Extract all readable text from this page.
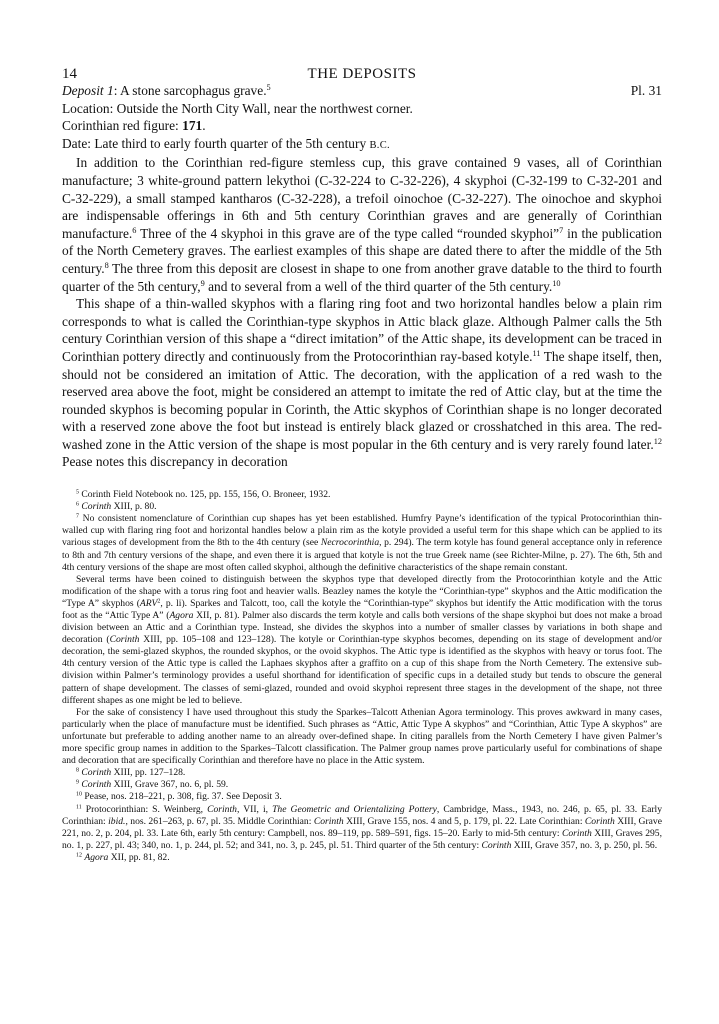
14	THE DEPOSITS
Deposit 1: A stone sarcophagus grave.$^5$	Pl. 31
Location: Outside the North City Wall, near the northwest corner.
Corinthian red figure: 171.
Date: Late third to early fourth quarter of the 5th century B.C.

In addition to the Corinthian red-figure stemless cup, this grave contained 9 vases, all of Corinthian manufacture; 3 white-ground pattern lekythoi (C-32-224 to C-32-226), 4 skyphoi (C-32-199 to C-32-201 and C-32-229), a small stamped kantharos (C-32-228), a trefoil oinochoe (C-32-227). The oinochoe and skyphoi are indispensable offerings in 6th and 5th century Corinthian graves and are generally of Corinthian manufacture.$^6$ Three of the 4 skyphoi in this grave are of the type called “rounded skyphoi”$^7$ in the publication of the North Cemetery graves. The earliest examples of this shape are dated there to after the middle of the 5th century.$^8$ The three from this deposit are closest in shape to one from another grave datable to the third to fourth quarter of the 5th century,$^9$ and to several from a well of the third quarter of the 5th century.$^{10}$

This shape of a thin-walled skyphos with a flaring ring foot and two horizontal handles below a plain rim corresponds to what is called the Corinthian-type skyphos in Attic black glaze. Although Palmer calls the 5th century Corinthian version of this shape a “direct imitation” of the Attic shape, its development can be traced in Corinthian pottery directly and continuously from the Protocorinthian ray-based kotyle.$^{11}$ The shape itself, then, should not be considered an imitation of Attic. The decoration, with the application of a red wash to the reserved area above the foot, might be considered an attempt to imitate the red of Attic clay, but at the time the rounded skyphos is becoming popular in Corinth, the Attic skyphos of Corinthian shape is no longer decorated with a reserved zone above the foot but instead is entirely black glazed or crosshatched in this area. The red-washed zone in the Attic version of the shape is most popular in the 6th century and is very rarely found later.$^{12}$ Pease notes this discrepancy in decoration

$^5$ Corinth Field Notebook no. 125, pp. 155, 156, O. Broneer, 1932.

$^6$ Corinth XIII, p. 80.

$^7$ No consistent nomenclature of Corinthian cup shapes has yet been established. Humfry Payne’s identification of the typical Protocorinthian thin-walled cup with flaring ring foot and horizontal handles below a plain rim as the kotyle provided a useful term for this shape which can be applied to its various stages of development from the 8th to the 4th century (see Necrocorinthia, p. 294). The term kotyle has found general acceptance only in reference to 8th and 7th century versions of the shape, and even there it is argued that kotyle is not the true Greek name (see Richter-Milne, p. 27). The 6th, 5th and 4th century versions of the shape are most often called skyphoi, although the definitive characteristics of the shape remain constant.

Several terms have been coined to distinguish between the skyphos type that developed directly from the Protocorinthian kotyle and the Attic modification of the shape with a torus ring foot and heavier walls. Beazley names the kotyle the “Corinthian-type” skyphos and the Attic modification the “Type A” skyphos (ARV$^2$, p. li). Sparkes and Talcott, too, call the kotyle the “Corinthian-type” skyphos but identify the Attic modification with the torus foot as the “Attic Type A” (Agora XII, p. 81). Palmer also discards the term kotyle and calls both versions of the shape skyphoi but does not make a broad division between an Attic and a Corinthian type. Instead, she divides the skyphos into a number of smaller classes by variations in both shape and decoration (Corinth XIII, pp. 105–108 and 123–128). The kotyle or Corinthian-type skyphos becomes, depending on its stage of development and/or decoration, the semi-glazed skyphos, the rounded skyphos, or the ovoid skyphos. The Attic type is identified as the skyphos with heavy or torus foot. The 4th century version of the Attic type is called the Laphaes skyphos after a graffito on a cup of this shape from the North Cemetery. The extensive sub-division within Palmer’s terminology provides a useful shorthand for identification of specific cups in a detailed study but tends to obscure the general pattern of shape development. The classes of semi-glazed, rounded and ovoid skyphoi represent three stages in the development of the shape, not three different shapes as one might be led to believe.

For the sake of consistency I have used throughout this study the Sparkes–Talcott Athenian Agora terminology. This proves awkward in many cases, particularly when the place of manufacture must be identified. Such phrases as “Attic, Attic Type A skyphos” and “Corinthian, Attic Type A skyphos” are unfortunate but preferable to adding another name to an already over-defined shape. In citing parallels from the North Cemetery I have given Palmer’s more specific group names in addition to the Sparkes–Talcott classification. The Palmer group names prove particularly useful for combinations of shape and decoration that are specifically Corinthian and therefore have no place in the Attic system.

$^8$ Corinth XIII, pp. 127–128.

$^9$ Corinth XIII, Grave 367, no. 6, pl. 59.

$^{10}$ Pease, nos. 218–221, p. 308, fig. 37. See Deposit 3.

$^{11}$ Protocorinthian: S. Weinberg, Corinth, VII, i, The Geometric and Orientalizing Pottery, Cambridge, Mass., 1943, no. 246, p. 65, pl. 33. Early Corinthian: ibid., nos. 261–263, p. 67, pl. 35. Middle Corinthian: Corinth XIII, Grave 155, nos. 4 and 5, p. 179, pl. 22. Late Corinthian: Corinth XIII, Grave 221, no. 2, p. 204, pl. 33. Late 6th, early 5th century: Campbell, nos. 89–119, pp. 589–591, figs. 15–20. Early to mid-5th century: Corinth XIII, Graves 295, no. 1, p. 227, pl. 43; 340, no. 1, p. 244, pl. 52; and 341, no. 3, p. 245, pl. 51. Third quarter of the 5th century: Corinth XIII, Grave 357, no. 3, p. 250, pl. 56.

$^{12}$ Agora XII, pp. 81, 82.
